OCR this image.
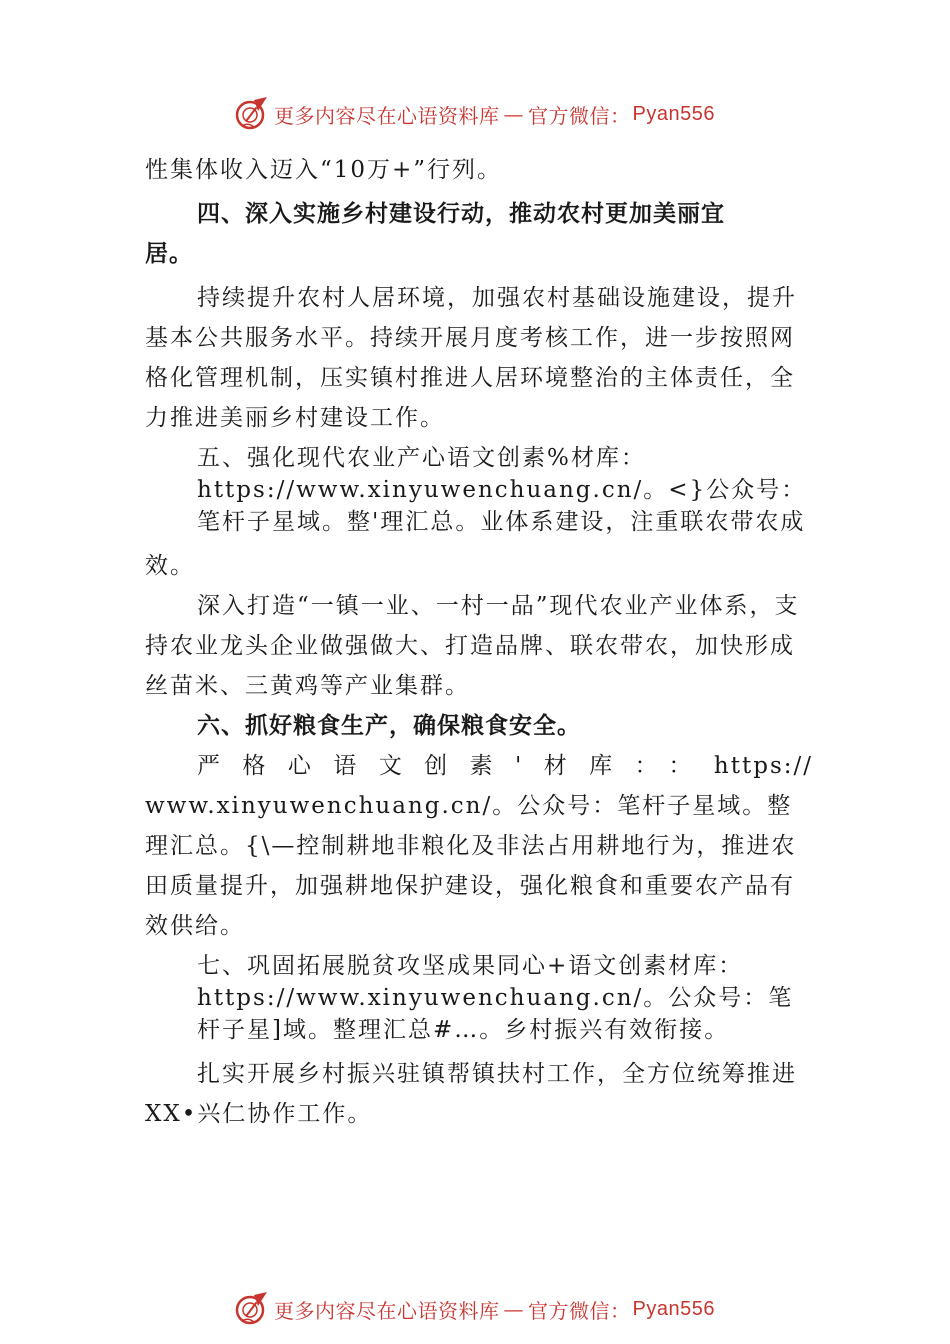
更多内容尽在心语资料库 — 官方微信： Pyan556

性集体收入迈入“10万+”行列。

四、深入实施乡村建设行动，推动农村更加美丽宜

居。

持续提升农村人居环境，加强农村基础设施建设，提升基本公共服务水平。持续开展月度考核工作，进一步按照网格化管理机制，压实镇村推进人居环境整治的主体责任，全力推进美丽乡村建设工作。

五、强化现代农业产心语文创素%材库：https://www.xinyuwenchuang.cn/。<}公众号：笔杆子星域。整'理汇总。业体系建设，注重联农带农成

效。

深入打造“一镇一业、一村一品”现代农业产业体系，支持农业龙头企业做强做大、打造品牌、联农带农，加快形成丝苗米、三黄鸡等产业集群。

六、抓好粮食生产，确保粮食安全。

严格心语文创素'材库：：https://

www.xinyuwenchuang.cn/。公众号：笔杆子星域。整理汇总。{\—控制耕地非粮化及非法占用耕地行为，推进农田质量提升，加强耕地保护建设，强化粮食和重要农产品有效供给。

七、巩固拓展脱贫攻坚成果同心+语文创素材库：https://www.xinyuwenchuang.cn/。公众号：笔杆子星]域。整理汇总#…。乡村振兴有效衔接。

扎实开展乡村振兴驻镇帮镇扶村工作，全方位统筹推进XX•兴仁协作工作。

更多内容尽在心语资料库 — 官方微信： Pyan556
